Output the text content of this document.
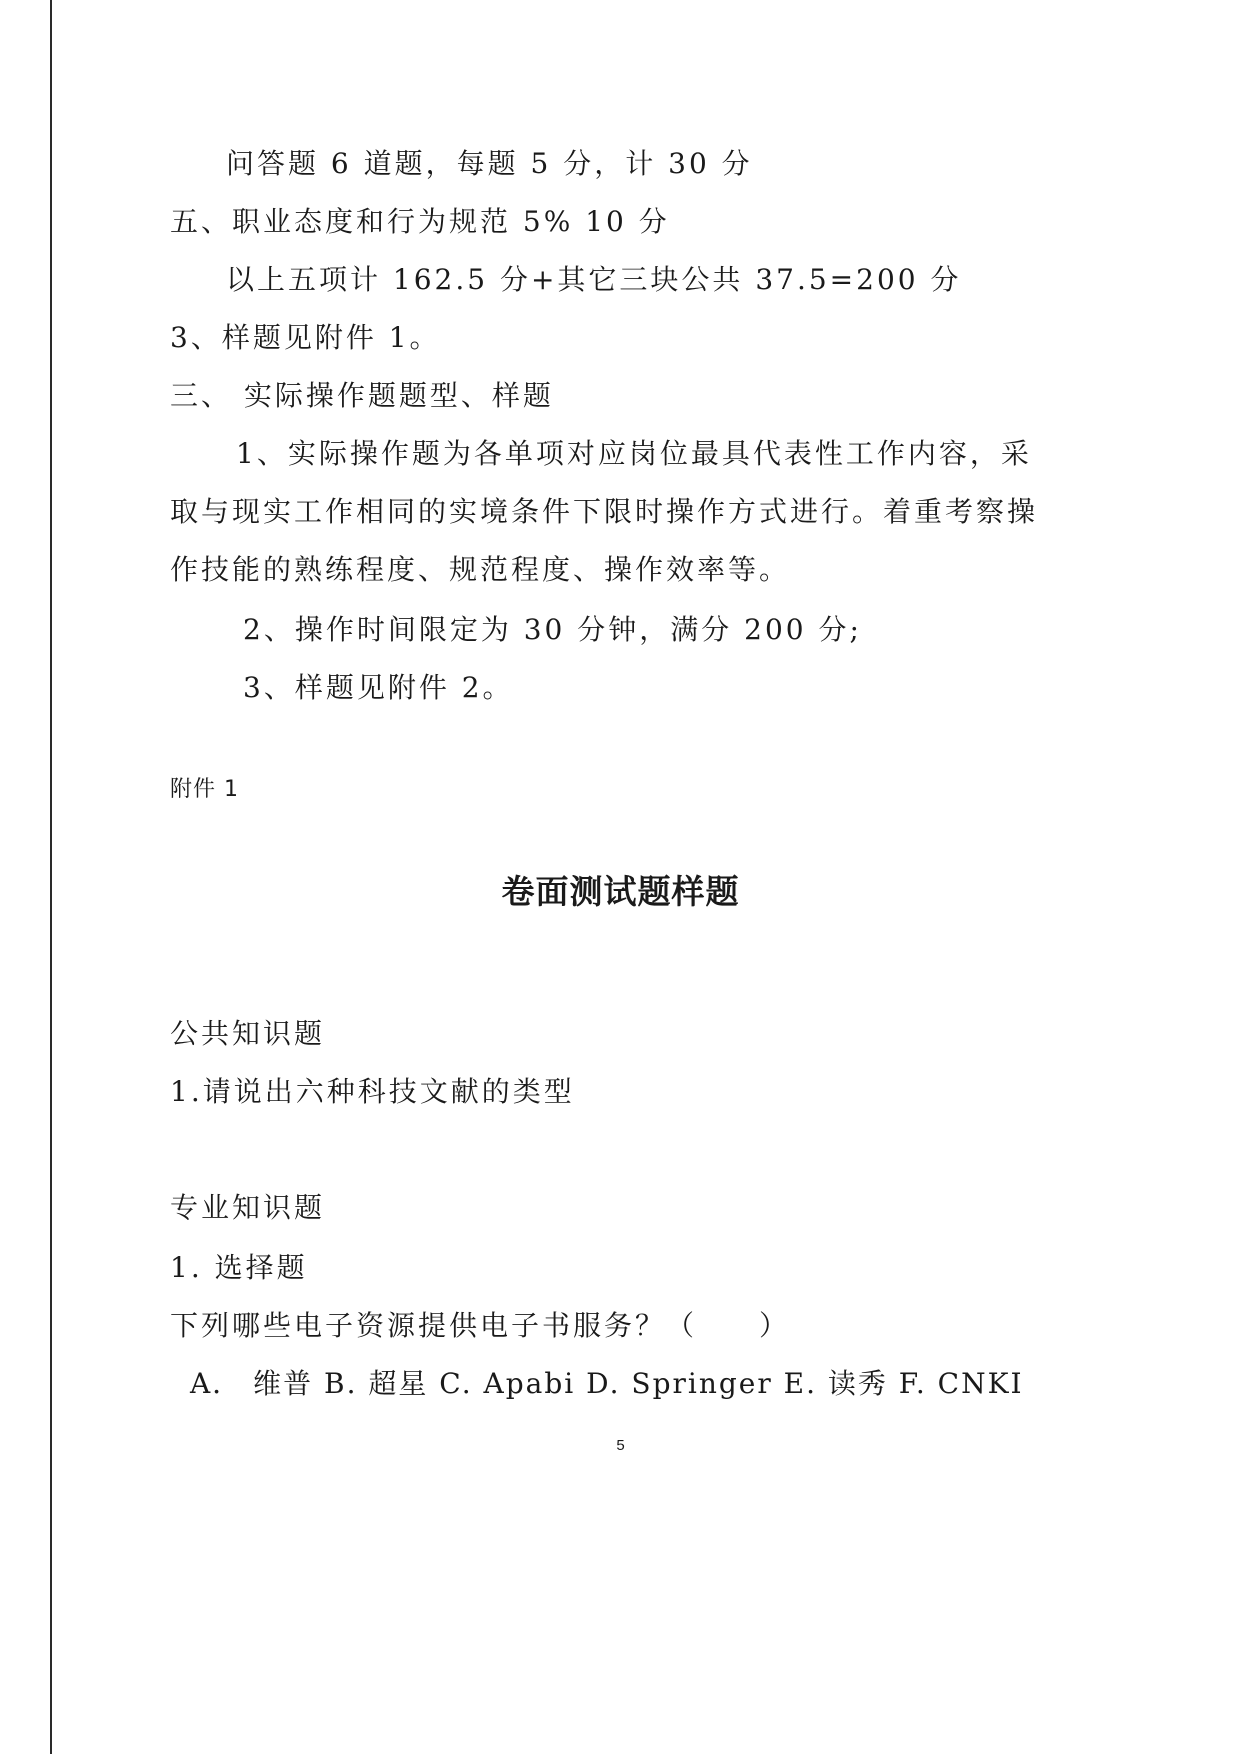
问答题 6 道题，每题 5 分，计 30 分
五、职业态度和行为规范 5% 10 分
以上五项计 162.5 分+其它三块公共 37.5=200 分
3、样题见附件 1。
三、 实际操作题题型、样题
1、实际操作题为各单项对应岗位最具代表性工作内容，采
取与现实工作相同的实境条件下限时操作方式进行。着重考察操
作技能的熟练程度、规范程度、操作效率等。
2、操作时间限定为 30 分钟，满分 200 分;
3、样题见附件 2。
附件 1
卷面测试题样题
公共知识题
1.请说出六种科技文献的类型
专业知识题
1. 选择题
下列哪些电子资源提供电子书服务？（　　）
A． 维普 B. 超星 C. Apabi D. Springer E. 读秀 F. CNKI
5
